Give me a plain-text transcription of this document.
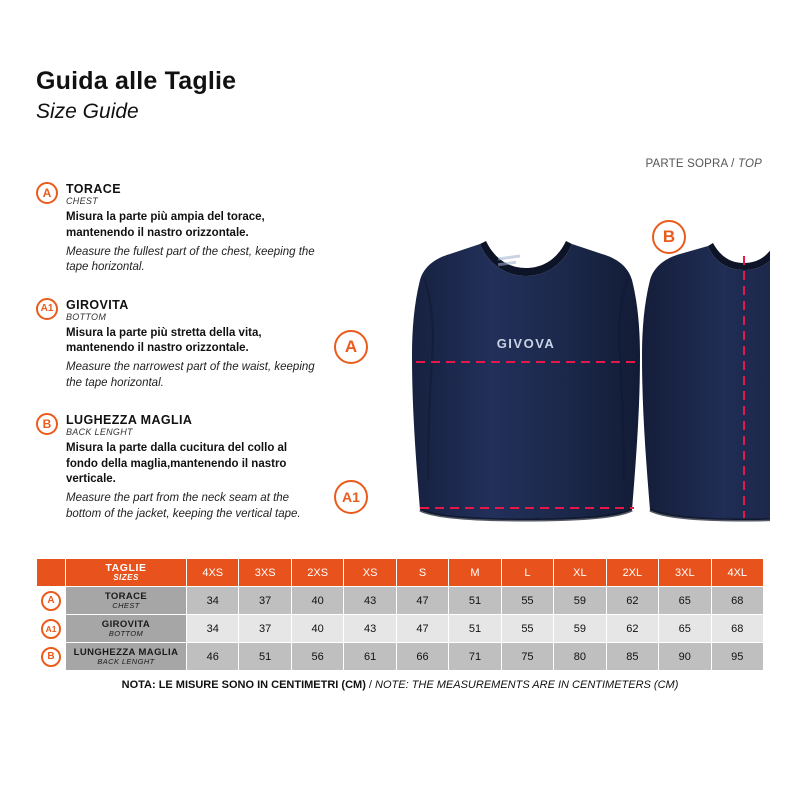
Guida alle Taglie
Size Guide
PARTE SOPRA / TOP
A	TORACE
CHEST
Misura la parte più ampia del torace, mantenendo il nastro orizzontale.
Measure the fullest part of the chest, keeping the tape horizontal.
A1	GIROVITA
BOTTOM
Misura la parte più stretta della vita, mantenendo il nastro orizzontale.
Measure the narrowest part of the waist, keeping the tape horizontal.
B	LUGHEZZA MAGLIA
BACK LENGHT
Misura la parte dalla cucitura del collo al fondo della maglia,mantenendo il nastro verticale.
Measure the part from the neck seam at the bottom of the jacket, keeping the vertical tape.
GIVOVA
A
A1
B

	TAGLIE
SIZES	4XS	3XS	2XS	XS	S	M	L	XL	2XL	3XL	4XL
A	TORACE
CHEST	34	37	40	43	47	51	55	59	62	65	68
A1	GIROVITA
BOTTOM	34	37	40	43	47	51	55	59	62	65	68
B	LUNGHEZZA MAGLIA
BACK LENGHT	46	51	56	61	66	71	75	80	85	90	95
NOTA: LE MISURE SONO IN CENTIMETRI (CM) / NOTE: THE MEASUREMENTS ARE IN CENTIMETERS (CM)												
